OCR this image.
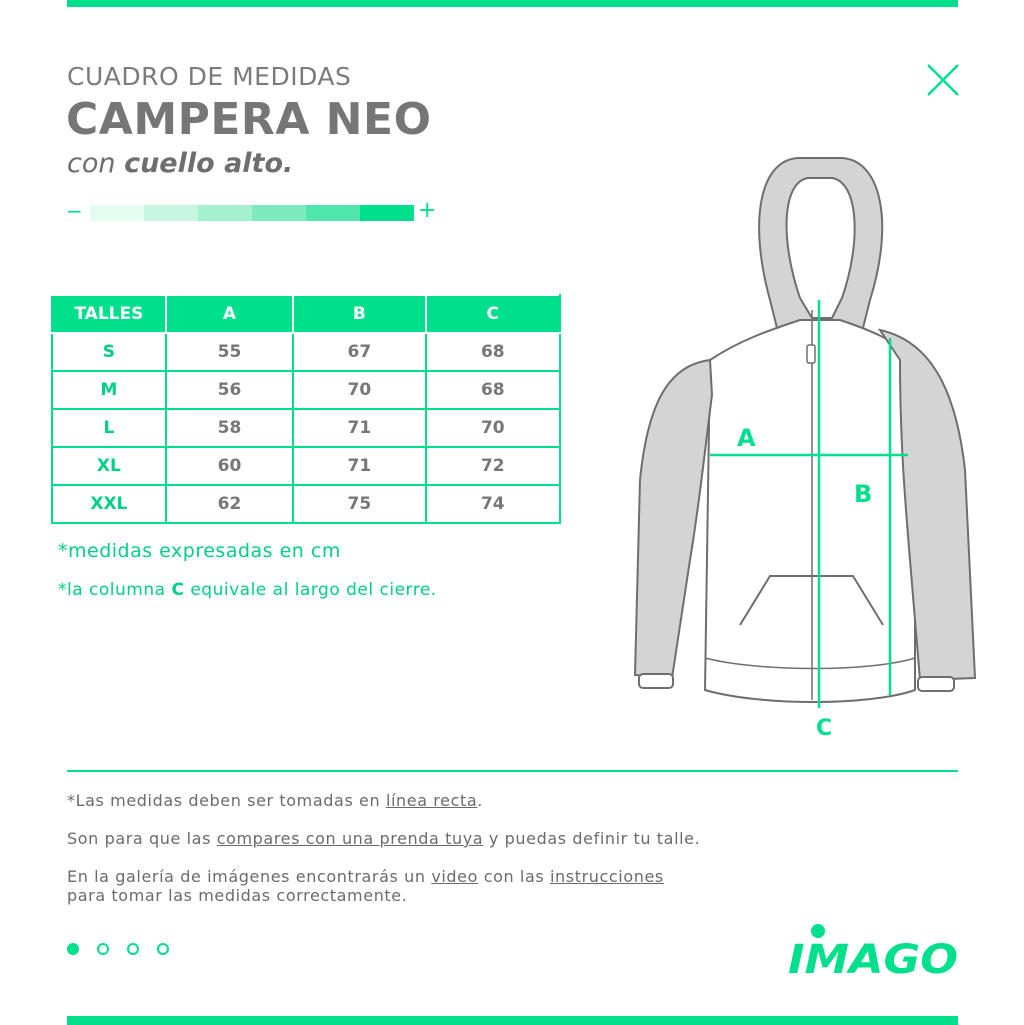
CUADRO DE MEDIDAS
CAMPERA NEO
con cuello alto.
−	+
TALLES	A	B	C
S	55	67	68
M	56	70	68
L	58	71	70
XL	60	71	72
XXL	62	75	74
*medidas expresadas en cm
*la columna C equivale al largo del cierre.
A
B
C
*Las medidas deben ser tomadas en línea recta.
Son para que las compares con una prenda tuya y puedas definir tu talle.
En la galería de imágenes encontrarás un video con las instrucciones
para tomar las medidas correctamente.
IMAGO
